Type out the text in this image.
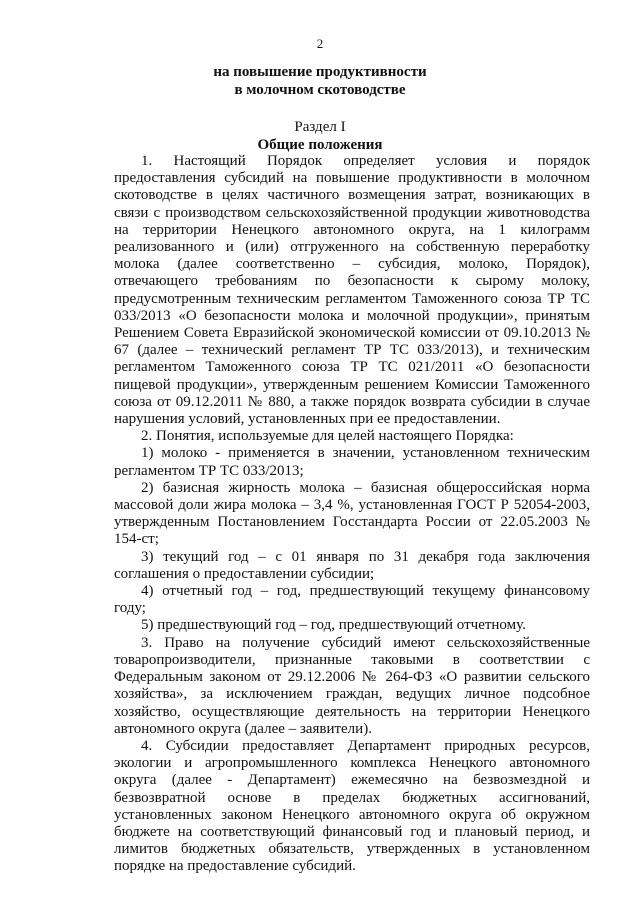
2
на повышение продуктивности
в молочном скотоводстве
Раздел I
Общие положения

1. Настоящий Порядок определяет условия и порядок предоставления субсидий на повышение продуктивности в молочном скотоводстве в целях частичного возмещения затрат, возникающих в связи с производством сельскохозяйственной продукции животноводства на территории Ненецкого автономного округа, на 1 килограмм реализованного и (или) отгруженного на собственную переработку молока (далее соответственно – субсидия, молоко, Порядок), отвечающего требованиям по безопасности к сырому молоку, предусмотренным техническим регламентом Таможенного союза ТР ТС 033/2013 «О безопасности молока и молочной продукции», принятым Решением Совета Евразийской экономической комиссии от 09.10.2013 № 67 (далее – технический регламент ТР ТС 033/2013), и техническим регламентом Таможенного союза ТР ТС 021/2011 «О безопасности пищевой продукции», утвержденным решением Комиссии Таможенного союза от 09.12.2011 № 880, а также порядок возврата субсидии в случае нарушения условий, установленных при ее предоставлении.

2. Понятия, используемые для целей настоящего Порядка:

1) молоко - применяется в значении, установленном техническим регламентом ТР ТС 033/2013;

2) базисная жирность молока – базисная общероссийская норма массовой доли жира молока – 3,4 %, установленная ГОСТ Р 52054-2003, утвержденным Постановлением Госстандарта России от 22.05.2003 № 154-ст;

3) текущий год – с 01 января по 31 декабря года заключения соглашения о предоставлении субсидии;

4) отчетный год – год, предшествующий текущему финансовому году;

5) предшествующий год – год, предшествующий отчетному.

3. Право на получение субсидий имеют сельскохозяйственные товаропроизводители, признанные таковыми в соответствии с Федеральным законом от 29.12.2006 № 264-ФЗ «О развитии сельского хозяйства», за исключением граждан, ведущих личное подсобное хозяйство, осуществляющие деятельность на территории Ненецкого автономного округа (далее – заявители).

4. Субсидии предоставляет Департамент природных ресурсов, экологии и агропромышленного комплекса Ненецкого автономного округа (далее - Департамент) ежемесячно на безвозмездной и безвозвратной основе в пределах бюджетных ассигнований, установленных законом Ненецкого автономного округа об окружном бюджете на соответствующий финансовый год и плановый период, и лимитов бюджетных обязательств, утвержденных в установленном порядке на предоставление субсидий.
